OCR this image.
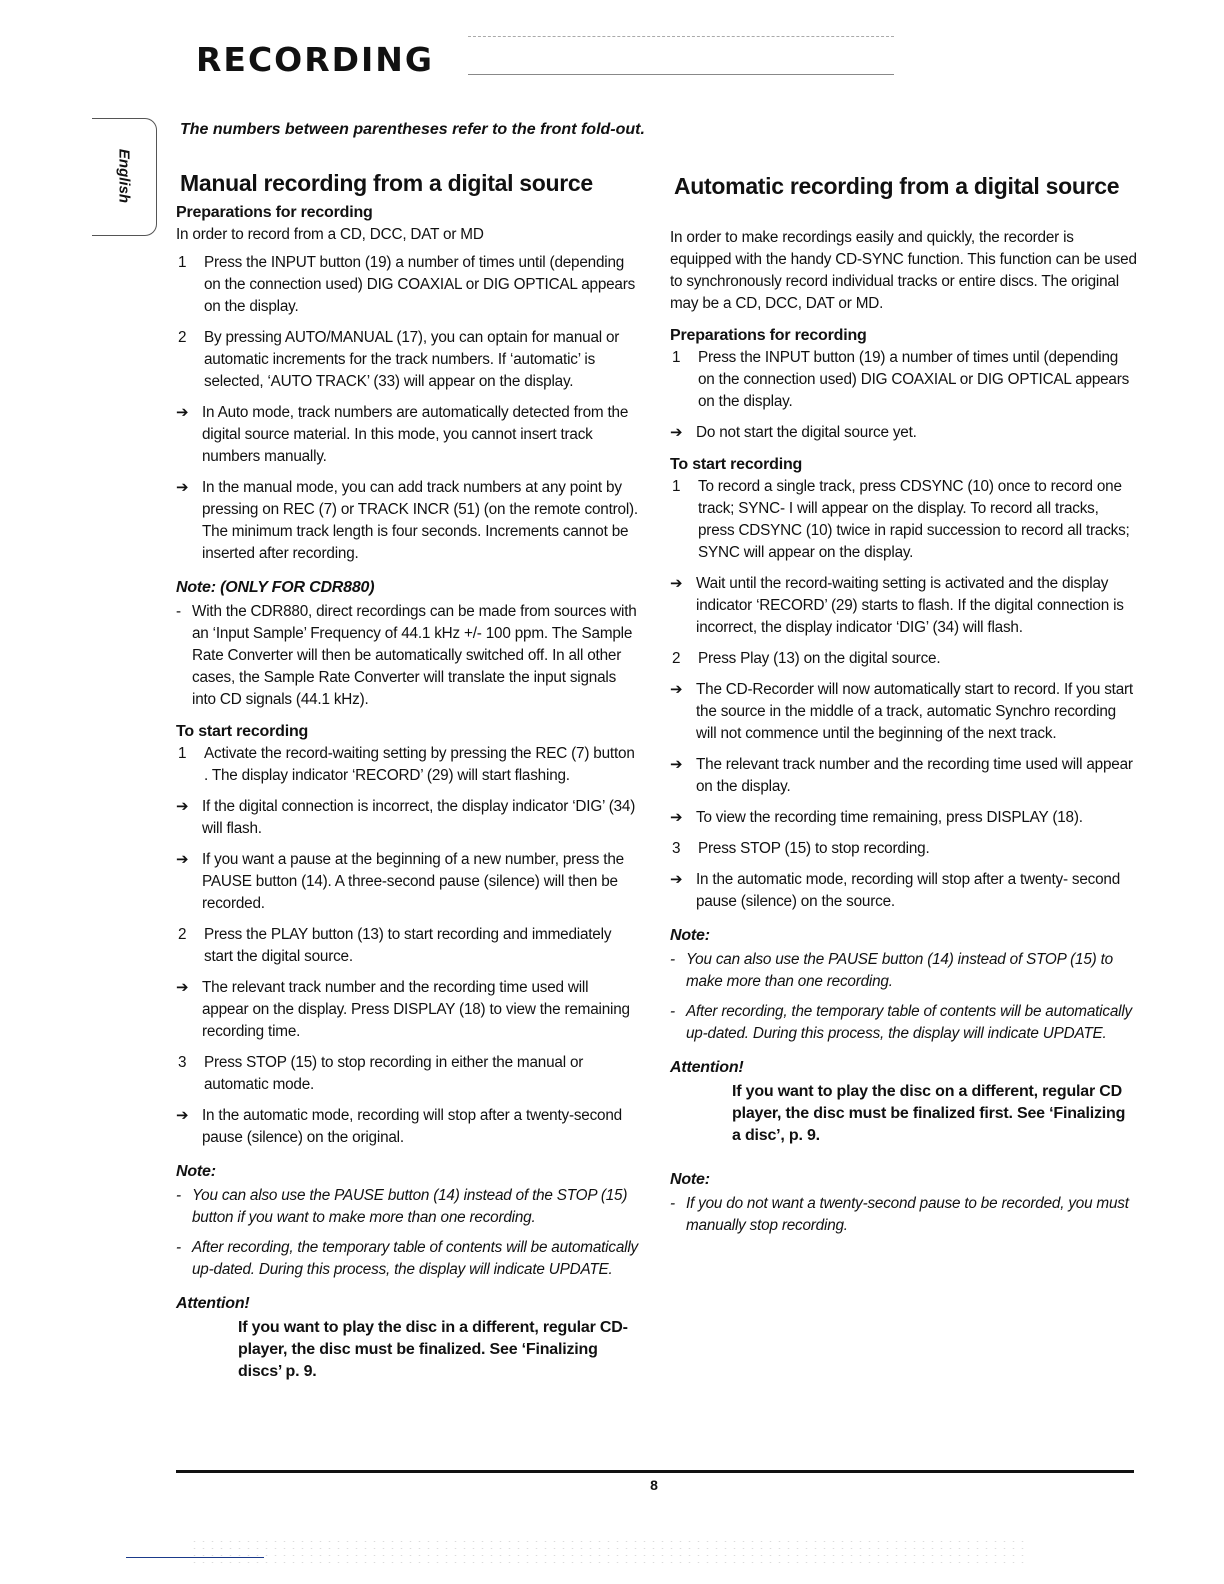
RECORDING
English

The numbers between parentheses refer to the front fold-out.

Manual recording from a digital source
Preparations for recording

In order to record from a CD, DCC, DAT or MD

1	Press the INPUT button (19) a number of times until (depending on the connection used) DIG COAXIAL or DIG OPTICAL appears on the display.
2	By pressing AUTO/MANUAL (17), you can optain for manual or automatic increments for the track numbers. If ‘automatic’ is selected, ‘AUTO TRACK’ (33) will appear on the display.
➔ In Auto mode, track numbers are automatically detected from the digital source material. In this mode, you cannot insert track numbers manually.
➔ In the manual mode, you can add track numbers at any point by pressing on REC (7) or TRACK INCR (51) (on the remote control). The minimum track length is four seconds. Increments cannot be inserted after recording.
Note: (ONLY FOR CDR880)
- With the CDR880, direct recordings can be made from sources with an ‘Input Sample’ Frequency of 44.1 kHz +/- 100 ppm. The Sample Rate Converter will then be automatically switched off. In all other cases, the Sample Rate Converter will translate the input signals into CD signals (44.1 kHz).
To start recording
1	Activate the record-waiting setting by pressing the REC (7) button . The display indicator ‘RECORD’ (29) will start flashing.
➔ If the digital connection is incorrect, the display indicator ‘DIG’ (34) will flash.
➔ If you want a pause at the beginning of a new number, press the PAUSE button (14). A three-second pause (silence) will then be recorded.
2	Press the PLAY button (13) to start recording and immediately start the digital source.
➔ The relevant track number and the recording time used will appear on the display. Press DISPLAY (18) to view the remaining recording time.
3	Press STOP (15) to stop recording in either the manual or automatic mode.
➔ In the automatic mode, recording will stop after a twenty-second pause (silence) on the original.
Note:
- You can also use the PAUSE button (14) instead of the STOP (15) button if you want to make more than one recording.
- After recording, the temporary table of contents will be automatically up-dated. During this process, the display will indicate UPDATE.
Attention!
If you want to play the disc in a different, regular CD-player, the disc must be finalized. See ‘Finalizing discs’ p. 9.
Automatic recording from a digital source

In order to make recordings easily and quickly, the recorder is equipped with the handy CD-SYNC function. This function can be used to synchronously record individual tracks or entire discs. The original may be a CD, DCC, DAT or MD.

Preparations for recording
1	Press the INPUT button (19) a number of times until (depending on the connection used) DIG COAXIAL or DIG OPTICAL appears on the display.
➔ Do not start the digital source yet.
To start recording
1	To record a single track, press CDSYNC (10) once to record one track; SYNC- I will appear on the display. To record all tracks, press CDSYNC (10) twice in rapid succession to record all tracks; SYNC will appear on the display.
➔ Wait until the record-waiting setting is activated and the display indicator ‘RECORD’ (29) starts to flash. If the digital connection is incorrect, the display indicator ‘DIG’ (34) will flash.
2	Press Play (13) on the digital source.
➔ The CD-Recorder will now automatically start to record. If you start the source in the middle of a track, automatic Synchro recording will not commence until the beginning of the next track.
➔ The relevant track number and the recording time used will appear on the display.
➔ To view the recording time remaining, press DISPLAY (18).
3	Press STOP (15) to stop recording.
➔ In the automatic mode, recording will stop after a twenty- second pause (silence) on the source.
Note:
- You can also use the PAUSE button (14) instead of STOP (15) to make more than one recording.
- After recording, the temporary table of contents will be automatically up-dated. During this process, the display will indicate UPDATE.
Attention!
If you want to play the disc on a different, regular CD player, the disc must be finalized first. See ‘Finalizing a disc’, p. 9.
Note:
- If you do not want a twenty-second pause to be recorded, you must manually stop recording.
8
